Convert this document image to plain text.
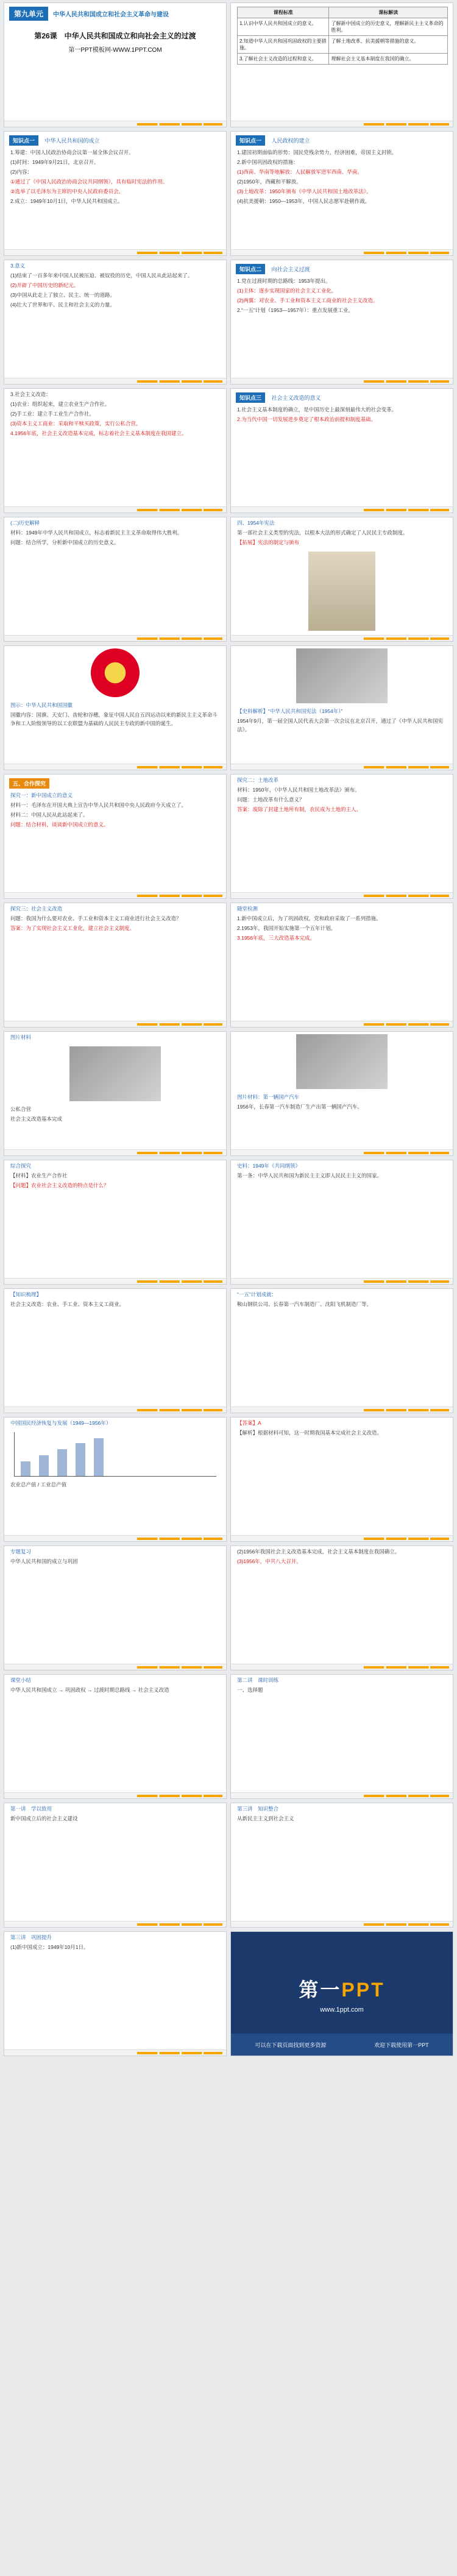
第九单元	中华人民共和国成立和社会主义革命与建设
第26课　中华人民共和国成立和向社会主义的过渡
第一PPT模板网-WWW.1PPT.COM
课程标准	课标解读
1.认识中华人民共和国成立的意义。	了解新中国成立的历史意义，理解新民主主义革命的胜利。
2.知道中华人民共和国巩固政权的主要措施。	了解土地改革、抗美援朝等措施的意义。
3.了解社会主义改造的过程和意义。	理解社会主义基本制度在我国的确立。
知识点一 中华人民共和国的成立

1.筹建：中国人民政治协商会议第一届全体会议召开。

(1)时间：1949年9月21日，北京召开。

(2)内容：

①通过了《中国人民政治协商会议共同纲领》，具有临时宪法的作用。

②选举了以毛泽东为主席的中央人民政府委员会。

2.成立：1949年10月1日，中华人民共和国成立。

知识点一 人民政权的建立

1.建国初期面临的形势：国民党残余势力，经济困难，帝国主义封锁。

2.新中国巩固政权的措施：

(1)西南、华南等地解放：人民解放军进军西南、华南。

(2)1950年，西藏和平解放。

(3)土地改革：1950年颁布《中华人民共和国土地改革法》。

(4)抗美援朝：1950—1953年，中国人民志愿军赴朝作战。

3.意义

(1)结束了一百多年来中国人民被压迫、被奴役的历史，中国人民从此站起来了。

(2)开辟了中国历史的新纪元。

(3)中国从此走上了独立、民主、统一的道路。

(4)壮大了世界和平、民主和社会主义的力量。

知识点二 向社会主义过渡

1.党在过渡时期的总路线：1953年提出。

(1)主体：逐步实现国家的社会主义工业化。

(2)两翼：对农业、手工业和资本主义工商业的社会主义改造。

2.“一五”计划（1953—1957年）：重点发展重工业。

3.社会主义改造：

(1)农业：组织起来，建立农业生产合作社。

(2)手工业：建立手工业生产合作社。

(3)资本主义工商业：采取和平赎买政策，实行公私合营。

4.1956年底，社会主义改造基本完成，标志着社会主义基本制度在我国建立。

知识点三 社会主义改造的意义

1.社会主义基本制度的确立，是中国历史上最深刻最伟大的社会变革。

2.为当代中国一切发展进步奠定了根本政治前提和制度基础。

(二)历史解释

材料：1949年中华人民共和国成立，标志着新民主主义革命取得伟大胜利。

问题：结合所学，分析新中国成立的历史意义。

四、1954年宪法

第一部社会主义类型的宪法，以根本大法的形式确定了人民民主专政制度。

【拓展】宪法的制定与颁布

图示：中华人民共和国国徽

国徽内容：国旗、天安门、齿轮和谷穗，象征中国人民自五四运动以来的新民主主义革命斗争和工人阶级领导的以工农联盟为基础的人民民主专政的新中国的诞生。

【史料解析】“中华人民共和国宪法（1954年）”

1954年9月，第一届全国人民代表大会第一次会议在北京召开，通过了《中华人民共和国宪法》。

五、合作探究

探究一：新中国成立的意义

材料一：毛泽东在开国大典上宣告中华人民共和国中央人民政府今天成立了。

材料二：中国人民从此站起来了。

问题：结合材料，谈谈新中国成立的意义。

探究二：土地改革

材料：1950年，《中华人民共和国土地改革法》颁布。

问题：土地改革有什么意义？

答案：废除了封建土地所有制，农民成为土地的主人。

探究三：社会主义改造

问题：我国为什么要对农业、手工业和资本主义工商业进行社会主义改造？

答案：为了实现社会主义工业化，建立社会主义制度。

随堂检测

1.新中国成立后，为了巩固政权，党和政府采取了一系列措施。

2.1953年，我国开始实施第一个五年计划。

3.1956年底，三大改造基本完成。

图片材料

公私合营

社会主义改造基本完成

图片材料：第一辆国产汽车

1956年，长春第一汽车制造厂生产出第一辆国产汽车。

综合探究

【材料】农业生产合作社

【问题】农业社会主义改造的特点是什么？

史料：1949年《共同纲领》

第一条：中华人民共和国为新民主主义即人民民主主义的国家。

【知识梳理】

社会主义改造：农业、手工业、资本主义工商业。

“一五”计划成就：

鞍山钢铁公司、长春第一汽车制造厂、沈阳飞机制造厂等。

中国国民经济恢复与发展（1949—1956年）

农业总产值 / 工业总产值

【答案】A

【解析】根据材料可知，这一时期我国基本完成社会主义改造。

专题复习

中华人民共和国的成立与巩固

(2)1956年我国社会主义改造基本完成，社会主义基本制度在我国确立。

(3)1956年，中共八大召开。

课堂小结

中华人民共和国成立 → 巩固政权 → 过渡时期总路线 → 社会主义改造

第二讲　课时训练

一、选择题

第一讲　学以致用

新中国成立后的社会主义建设

第三讲　知识整合

从新民主主义到社会主义

第三讲　巩固提升

(1)新中国成立：1949年10月1日。

第一PPT
www.1ppt.com
可以在下载页面找到更多资源	欢迎下载使用第一PPT
